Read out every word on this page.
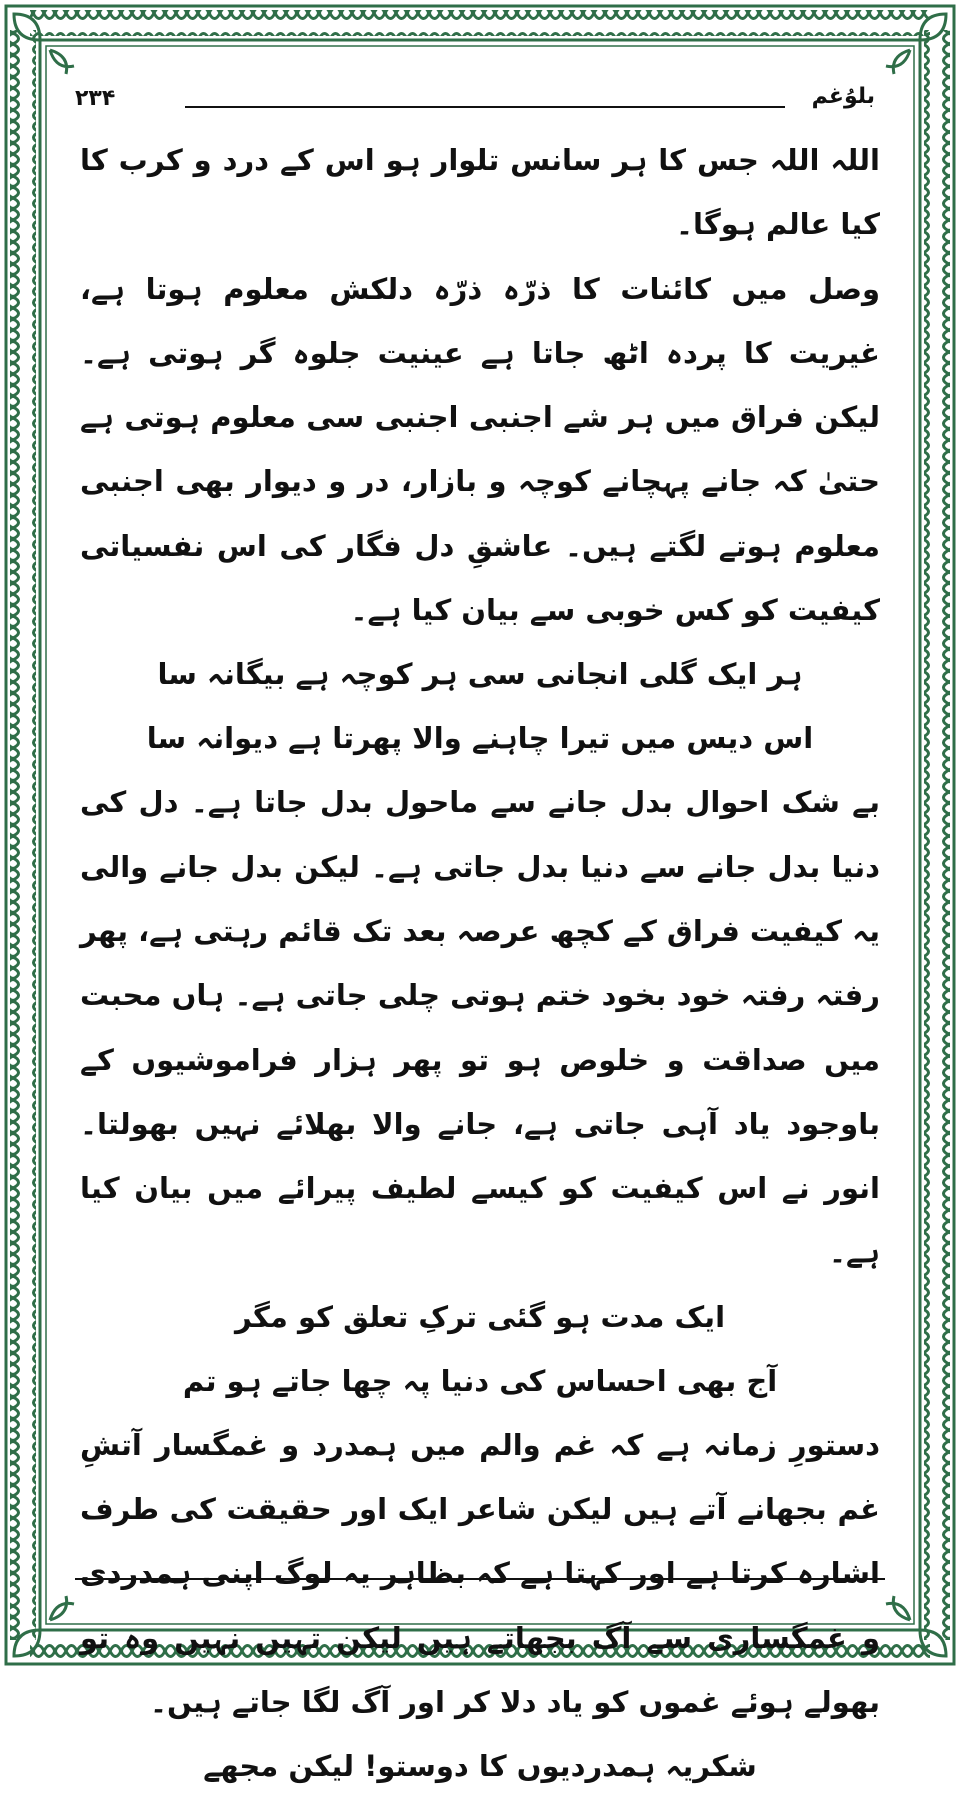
۲۳۴	بلوُغم

اللہ اللہ جس کا ہر سانس تلوار ہو اس کے درد و کرب کا کیا عالم ہوگا۔

وصل میں کائنات کا ذرّہ ذرّہ دلکش معلوم ہوتا ہے، غیریت کا پردہ اٹھ جاتا ہے عینیت جلوہ گر ہوتی ہے۔ لیکن فراق میں ہر شے اجنبی اجنبی سی معلوم ہوتی ہے حتیٰ کہ جانے پہچانے کوچہ و بازار، در و دیوار بھی اجنبی معلوم ہوتے لگتے ہیں۔ عاشقِ دل فگار کی اس نفسیاتی کیفیت کو کس خوبی سے بیان کیا ہے۔

ہر ایک گلی انجانی سی ہر کوچہ ہے بیگانہ سا

اس دیس میں تیرا چاہنے والا پھرتا ہے دیوانہ سا

بے شک احوال بدل جانے سے ماحول بدل جاتا ہے۔ دل کی دنیا بدل جانے سے دنیا بدل جاتی ہے۔ لیکن بدل جانے والی یہ کیفیت فراق کے کچھ عرصہ بعد تک قائم رہتی ہے، پھر رفتہ رفتہ خود بخود ختم ہوتی چلی جاتی ہے۔ ہاں محبت میں صداقت و خلوص ہو تو پھر ہزار فراموشیوں کے باوجود یاد آہی جاتی ہے، جانے والا بھلائے نہیں بھولتا۔ انور نے اس کیفیت کو کیسے لطیف پیرائے میں بیان کیا ہے۔

ایک مدت ہو گئی ترکِ تعلق کو مگر

آج بھی احساس کی دنیا پہ چھا جاتے ہو تم

دستورِ زمانہ ہے کہ غم والم میں ہمدرد و غمگسار آتشِ غم بجھانے آتے ہیں لیکن شاعر ایک اور حقیقت کی طرف اشارہ کرتا ہے اور کہتا ہے کہ بظاہر یہ لوگ اپنی ہمدردی و غمگساری سے آگ بجھاتے ہیں لیکن تہیں نہیں وہ تو بھولے ہوئے غموں کو یاد دلا کر اور آگ لگا جاتے ہیں۔

شکریہ ہمدردیوں کا دوستو! لیکن مجھے
